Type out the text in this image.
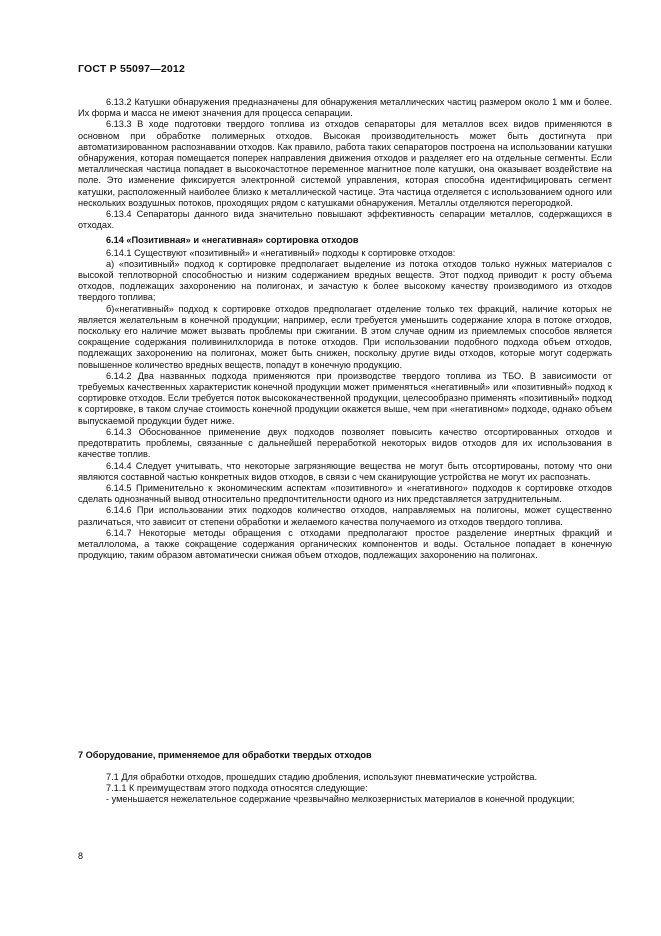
ГОСТ Р 55097—2012

6.13.2 Катушки обнаружения предназначены для обнаружения металлических частиц размером около 1 мм и более. Их форма и масса не имеют значения для процесса сепарации.

6.13.3 В ходе подготовки твердого топлива из отходов сепараторы для металлов всех видов применяются в основном при обработке полимерных отходов. Высокая производительность может быть достигнута при автоматизированном распознавании отходов. Как правило, работа таких сепараторов построена на использовании катушки обнаружения, которая помещается поперек направления движения отходов и разделяет его на отдельные сегменты. Если металлическая частица попадает в высокочастотное переменное магнитное поле катушки, она оказывает воздействие на поле. Это изменение фиксируется электронной системой управления, которая способна идентифицировать сегмент катушки, расположенный наиболее близко к металлической частице. Эта частица отделяется с использованием одного или нескольких воздушных потоков, проходящих рядом с катушками обнаружения. Металлы отделяются перегородкой.

6.13.4 Сепараторы данного вида значительно повышают эффективность сепарации металлов, содержащихся в отходах.

6.14 «Позитивная» и «негативная» сортировка отходов

6.14.1 Существуют «позитивный» и «негативный» подходы к сортировке отходов:

а) «позитивный» подход к сортировке предполагает выделение из потока отходов только нужных материалов с высокой теплотворной способностью и низким содержанием вредных веществ. Этот подход приводит к росту объема отходов, подлежащих захоронению на полигонах, и зачастую к более высокому качеству производимого из отходов твердого топлива;

б)«негативный» подход к сортировке отходов предполагает отделение только тех фракций, наличие которых не является желательным в конечной продукции; например, если требуется уменьшить содержание хлора в потоке отходов, поскольку его наличие может вызвать проблемы при сжигании. В этом случае одним из приемлемых способов является сокращение содержания поливинилхлорида в потоке отходов. При использовании подобного подхода объем отходов, подлежащих захоронению на полигонах, может быть снижен, поскольку другие виды отходов, которые могут содержать повышенное количество вредных веществ, попадут в конечную продукцию.

6.14.2 Два названных подхода применяются при производстве твердого топлива из ТБО. В зависимости от требуемых качественных характеристик конечной продукции может применяться «негативный» или «позитивный» подход к сортировке отходов. Если требуется поток высококачественной продукции, целесообразно применять «позитивный» подход к сортировке, в таком случае стоимость конечной продукции окажется выше, чем при «негативном» подходе, однако объем выпускаемой продукции будет ниже.

6.14.3 Обоснованное применение двух подходов позволяет повысить качество отсортированных отходов и предотвратить проблемы, связанные с дальнейшей переработкой некоторых видов отходов для их использования в качестве топлив.

6.14.4 Следует учитывать, что некоторые загрязняющие вещества не могут быть отсортированы, потому что они являются составной частью конкретных видов отходов, в связи с чем сканирующие устройства не могут их распознать.

6.14.5 Применительно к экономическим аспектам «позитивного» и «негативного» подходов к сортировке отходов сделать однозначный вывод относительно предпочтительности одного из них представляется затруднительным.

6.14.6 При использовании этих подходов количество отходов, направляемых на полигоны, может существенно различаться, что зависит от степени обработки и желаемого качества получаемого из отходов твердого топлива.

6.14.7 Некоторые методы обращения с отходами предполагают простое разделение инертных фракций и металлолома, а также сокращение содержания органических компонентов и воды. Остальное попадает в конечную продукцию, таким образом автоматически снижая объем отходов, подлежащих захоронению на полигонах.

7 Оборудование, применяемое для обработки твердых отходов

7.1 Для обработки отходов, прошедших стадию дробления, используют пневматические устройства.

7.1.1 К преимуществам этого подхода относятся следующие:

- уменьшается нежелательное содержание чрезвычайно мелкозернистых материалов в конечной продукции;

8
